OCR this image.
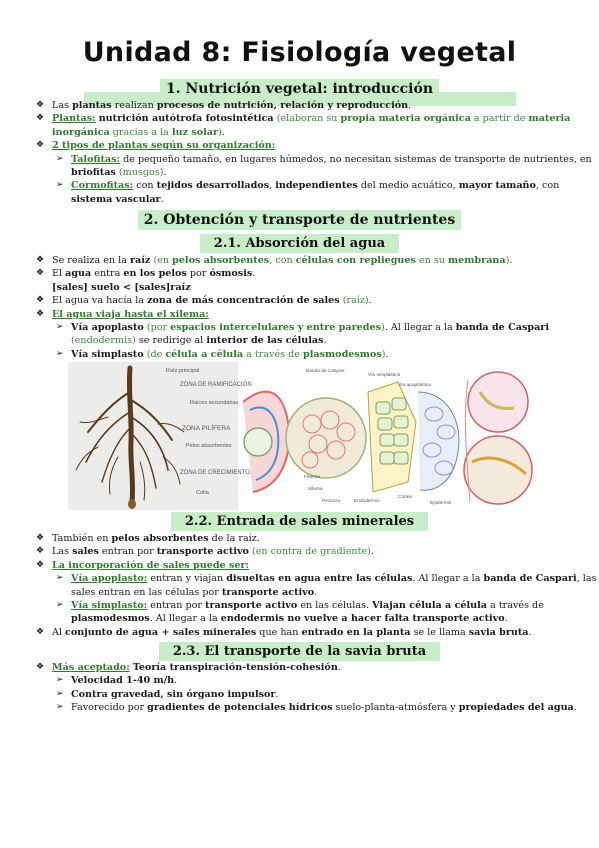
Unidad 8: Fisiología vegetal
1. Nutrición vegetal: introducción
❖ Las plantas realizan procesos de nutrición, relación y reproducción.
❖ Plantas: nutrición autótrofa fotosintética (elaboran su propia materia orgánica a partir de materia inorgánica gracias a la luz solar).
❖ 2 tipos de plantas según su organización:
➢ Talofitas: de pequeño tamaño, en lugares húmedos, no necesitan sistemas de transporte de nutrientes, en briofitas (musgos).
➢ Cormofitas: con tejidos desarrollados, independientes del medio acuático, mayor tamaño, con sistema vascular.
2. Obtención y transporte de nutrientes
2.1. Absorción del agua
❖ Se realiza en la raíz (en pelos absorbentes, con células con repliegues en su membrana).
❖ El agua entra en los pelos por ósmosis.
[sales] suelo < [sales]raíz
❖ El agua va hacía la zona de más concentración de sales (raíz).
❖ El agua viaja hasta el xilema:
➢ Vía apoplasto (por espacios intercelulares y entre paredes). Al llegar a la banda de Caspari (endodermis) se redirige al interior de las células.
➢ Vía simplasto (de célula a célula a través de plasmodesmos).
Raíz principal
ZONA DE RAMIFICACIÓN
Raíces secundarias
ZONA PILÍFERA
Pelos absorbentes
ZONA DE CRECIMIENTO
Cofia
Banda de Caspari
Vía simplástica
Vía apoplástica
Floema
Xilema
Periciclo	Endodermis
Córtex
Epidermis
2.2. Entrada de sales minerales
❖ También en pelos absorbentes de la raíz.
❖ Las sales entran por transporte activo (en contra de gradiente).
❖ La incorporación de sales puede ser:
➢ Vía apoplasto: entran y viajan disueltas en agua entre las células. Al llegar a la banda de Caspari, las sales entran en las células por transporte activo.
➢ Vía simplasto: entran por transporte activo en las células. Viajan célula a célula a través de plasmodesmos. Al llegar a la endodermis no vuelve a hacer falta transporte activo.
❖ Al conjunto de agua + sales minerales que han entrado en la planta se le llama savia bruta.
2.3. El transporte de la savia bruta
❖ Más aceptado: Teoría transpiración-tensión-cohesión.
➢ Velocidad 1-40 m/h.
➢ Contra gravedad, sin órgano impulsor.
➢ Favorecido por gradientes de potenciales hídricos suelo-planta-atmósfera y propiedades del agua.
